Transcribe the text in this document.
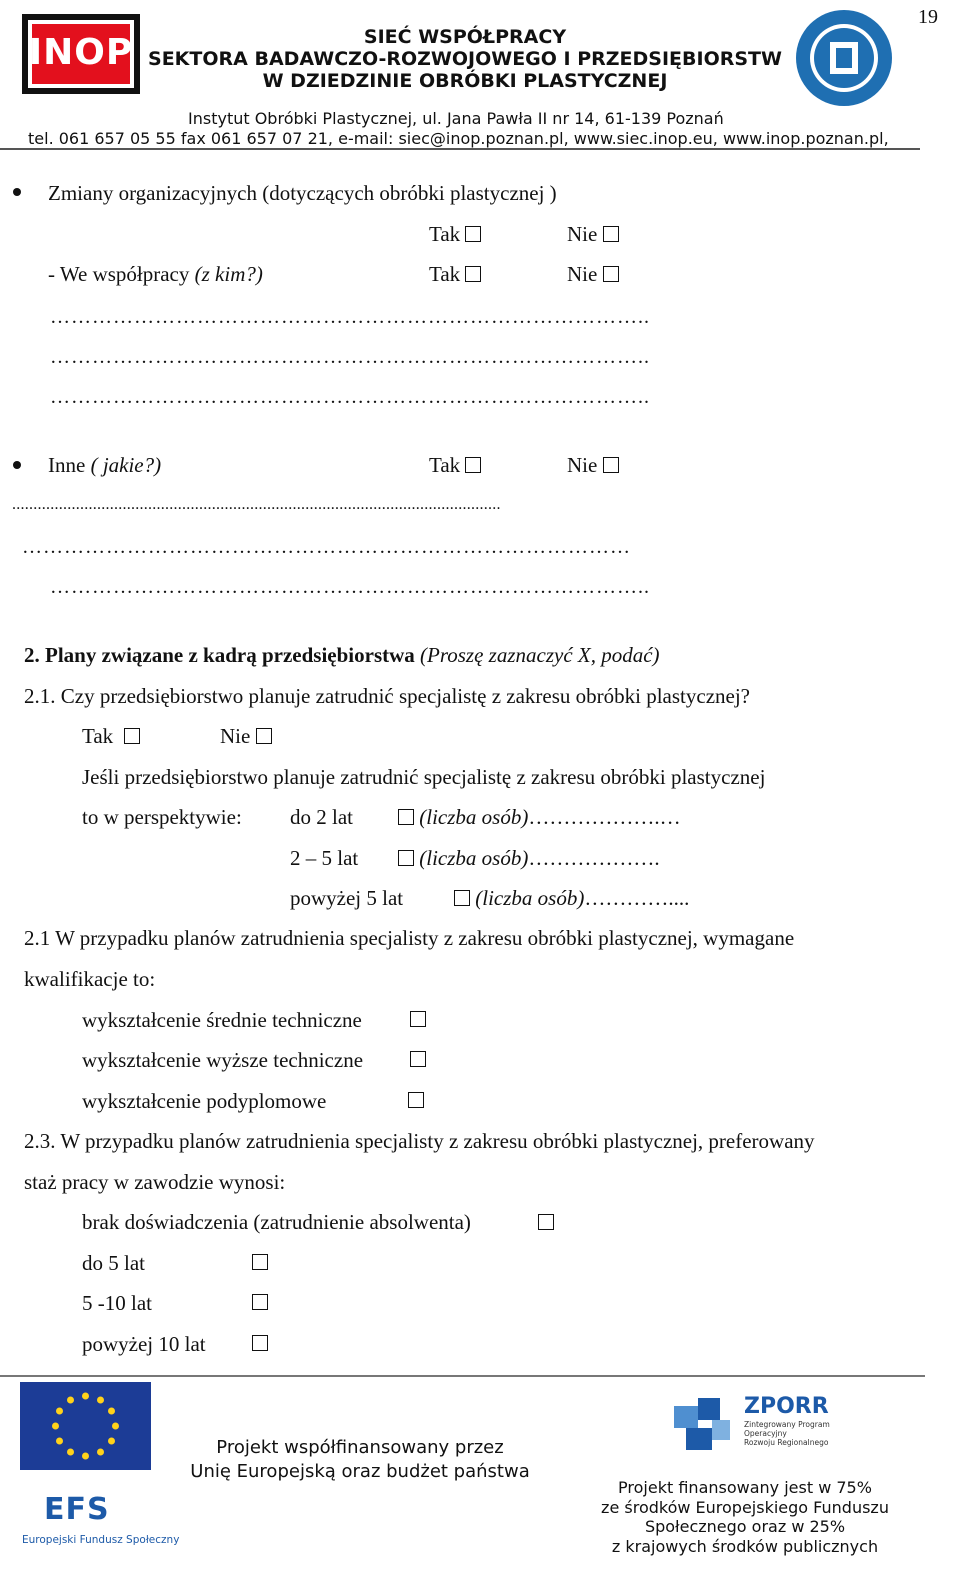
19
INOP	SIEĆ WSPÓŁPRACY
SEKTORA BADAWCZO-ROZWOJOWEGO I PRZEDSIĘBIORSTW
W DZIEDZINIE OBRÓBKI PLASTYCZNEJ
Instytut Obróbki Plastycznej, ul. Jana Pawła II nr 14, 61-139 Poznań
tel. 061 657 05 55 fax 061 657 07 21, e-mail: siec@inop.poznan.pl, www.siec.inop.eu, www.inop.poznan.pl,
Zmiany organizacyjnych (dotyczących obróbki plastycznej )
Tak	Nie
- We współpracy (z kim?)	Tak	Nie
…………………………………………………………………………..
…………………………………………………………………………..
…………………………………………………………………………..
Inne ( jakie?)	Tak	Nie
...................................................................................................................
……………………………………………………………………………
…………………………………………………………………………..
2. Plany związane z kadrą przedsiębiorstwa (Proszę zaznaczyć X, podać)
2.1. Czy przedsiębiorstwo planuje zatrudnić specjalistę z zakresu obróbki plastycznej?
Tak	Nie
Jeśli przedsiębiorstwo planuje zatrudnić specjalistę z zakresu obróbki plastycznej
to w perspektywie: do 2 lat	(liczba osób)……………….…
2 – 5 lat	(liczba osób)……………….
powyżej 5 lat	(liczba osób)…………....
2.1 W przypadku planów zatrudnienia specjalisty z zakresu obróbki plastycznej, wymagane
kwalifikacje to:
wykształcenie średnie techniczne
wykształcenie wyższe techniczne
wykształcenie podyplomowe
2.3. W przypadku planów zatrudnienia specjalisty z zakresu obróbki plastycznej, preferowany
staż pracy w zawodzie wynosi:
brak doświadczenia (zatrudnienie absolwenta)
do 5 lat
5 -10 lat
powyżej 10 lat
EFS
Europejski Fundusz Społeczny
Projekt współfinansowany przez
Unię Europejską oraz budżet państwa
ZPORR
Zintegrowany Program
Operacyjny
Rozwoju Regionalnego
Projekt finansowany jest w 75%
ze środków Europejskiego Funduszu
Społecznego oraz w 25%
z krajowych środków publicznych
